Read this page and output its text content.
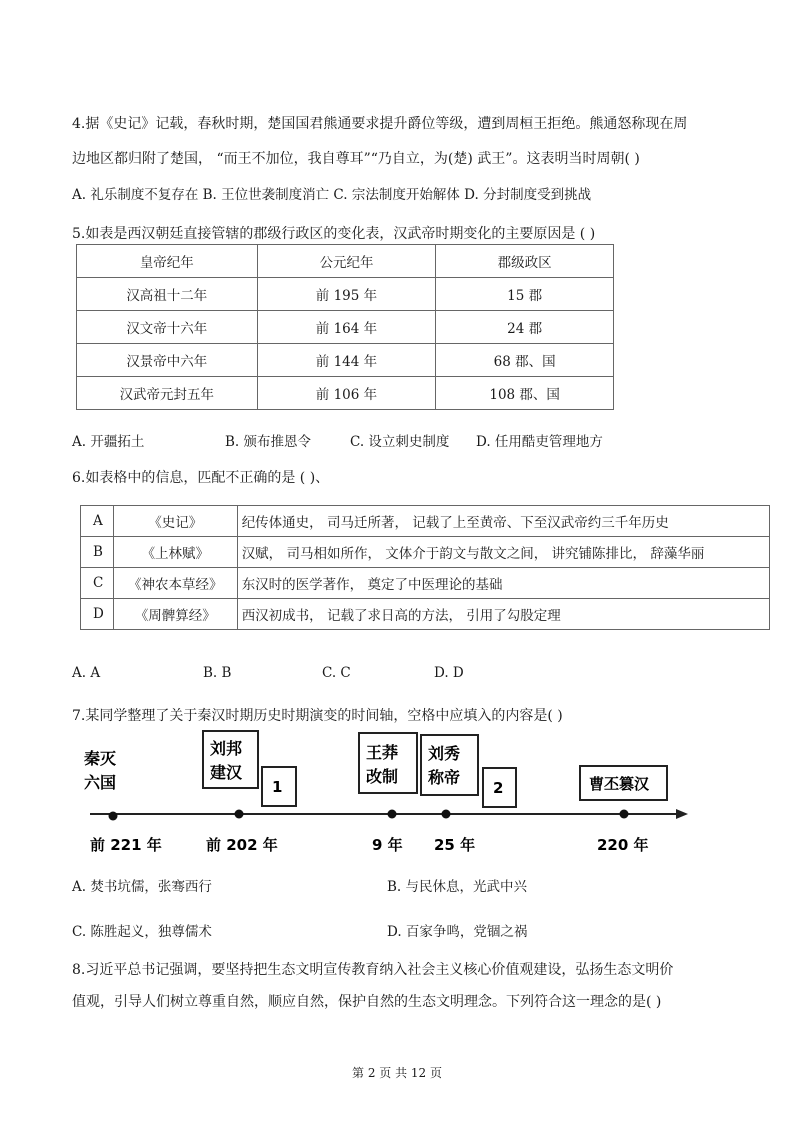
4.据《史记》记载，春秋时期，楚国国君熊通要求提升爵位等级，遭到周桓王拒绝。熊通怒称现在周
边地区都归附了楚国， “而王不加位，我自尊耳”“乃自立，为(楚) 武王”。这表明当时周朝( )
A. 礼乐制度不复存在 B. 王位世袭制度消亡 C. 宗法制度开始解体 D. 分封制度受到挑战
5.如表是西汉朝廷直接管辖的郡级行政区的变化表，汉武帝时期变化的主要原因是 ( )
皇帝纪年	公元纪年	郡级政区
汉高祖十二年	前 195 年	15 郡
汉文帝十六年	前 164 年	24 郡
汉景帝中六年	前 144 年	68 郡、国
汉武帝元封五年	前 106 年	108 郡、国
A. 开疆拓土	B. 颁布推恩令	C. 设立刺史制度 D. 任用酷吏管理地方
6.如表格中的信息，匹配不正确的是 ( )、
A	《史记》	纪传体通史， 司马迁所著， 记载了上至黄帝、下至汉武帝约三千年历史
B	《上林赋》	汉赋， 司马相如所作， 文体介于韵文与散文之间， 讲究铺陈排比， 辞藻华丽
C	《神农本草经》	东汉时的医学著作， 奠定了中医理论的基础
D	《周髀算经》	西汉初成书， 记载了求日高的方法， 引用了勾股定理
A. A	B. B	C. C	D. D
7.某同学整理了关于秦汉时期历史时期演变的时间轴，空格中应填入的内容是( )
秦灭
六国
刘邦
建汉
1
王莽
改制
刘秀
称帝
2	曹丕篡汉
前 221 年	前 202 年	9 年 25 年	220 年
A. 焚书坑儒，张骞西行	B. 与民休息，光武中兴
C. 陈胜起义，独尊儒术	D. 百家争鸣，党锢之祸
8.习近平总书记强调，要坚持把生态文明宣传教育纳入社会主义核心价值观建设，弘扬生态文明价
值观，引导人们树立尊重自然，顺应自然，保护自然的生态文明理念。下列符合这一理念的是( )
第 2 页 共 12 页
